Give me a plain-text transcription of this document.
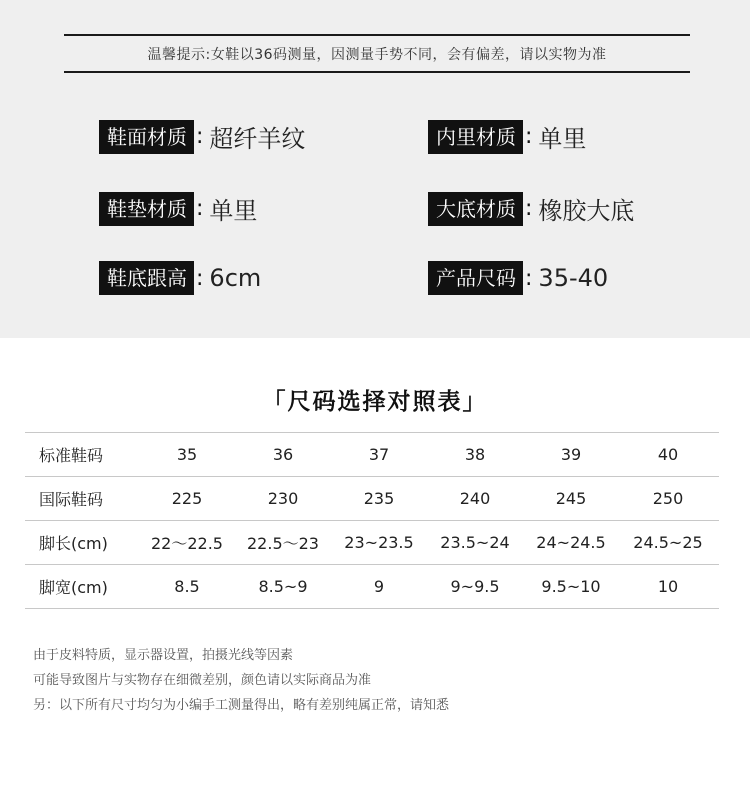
温馨提示:女鞋以36码测量，因测量手势不同，会有偏差，请以实物为准
鞋面材质 : 超纤羊纹	内里材质 : 单里
鞋垫材质 : 单里	大底材质 : 橡胶大底
鞋底跟高 : 6cm	产品尺码 : 35-40
「尺码选择对照表」
标准鞋码	35	36	37	38	39	40
国际鞋码	225	230	235	240	245	250
脚长(cm)	22～22.5	22.5～23	23~23.5	23.5~24	24~24.5	24.5~25
脚宽(cm)	8.5	8.5~9	9	9~9.5	9.5~10	10
由于皮料特质，显示器设置，拍摄光线等因素
可能导致图片与实物存在细微差别，颜色请以实际商品为准
另：以下所有尺寸均匀为小编手工测量得出，略有差别纯属正常，请知悉
